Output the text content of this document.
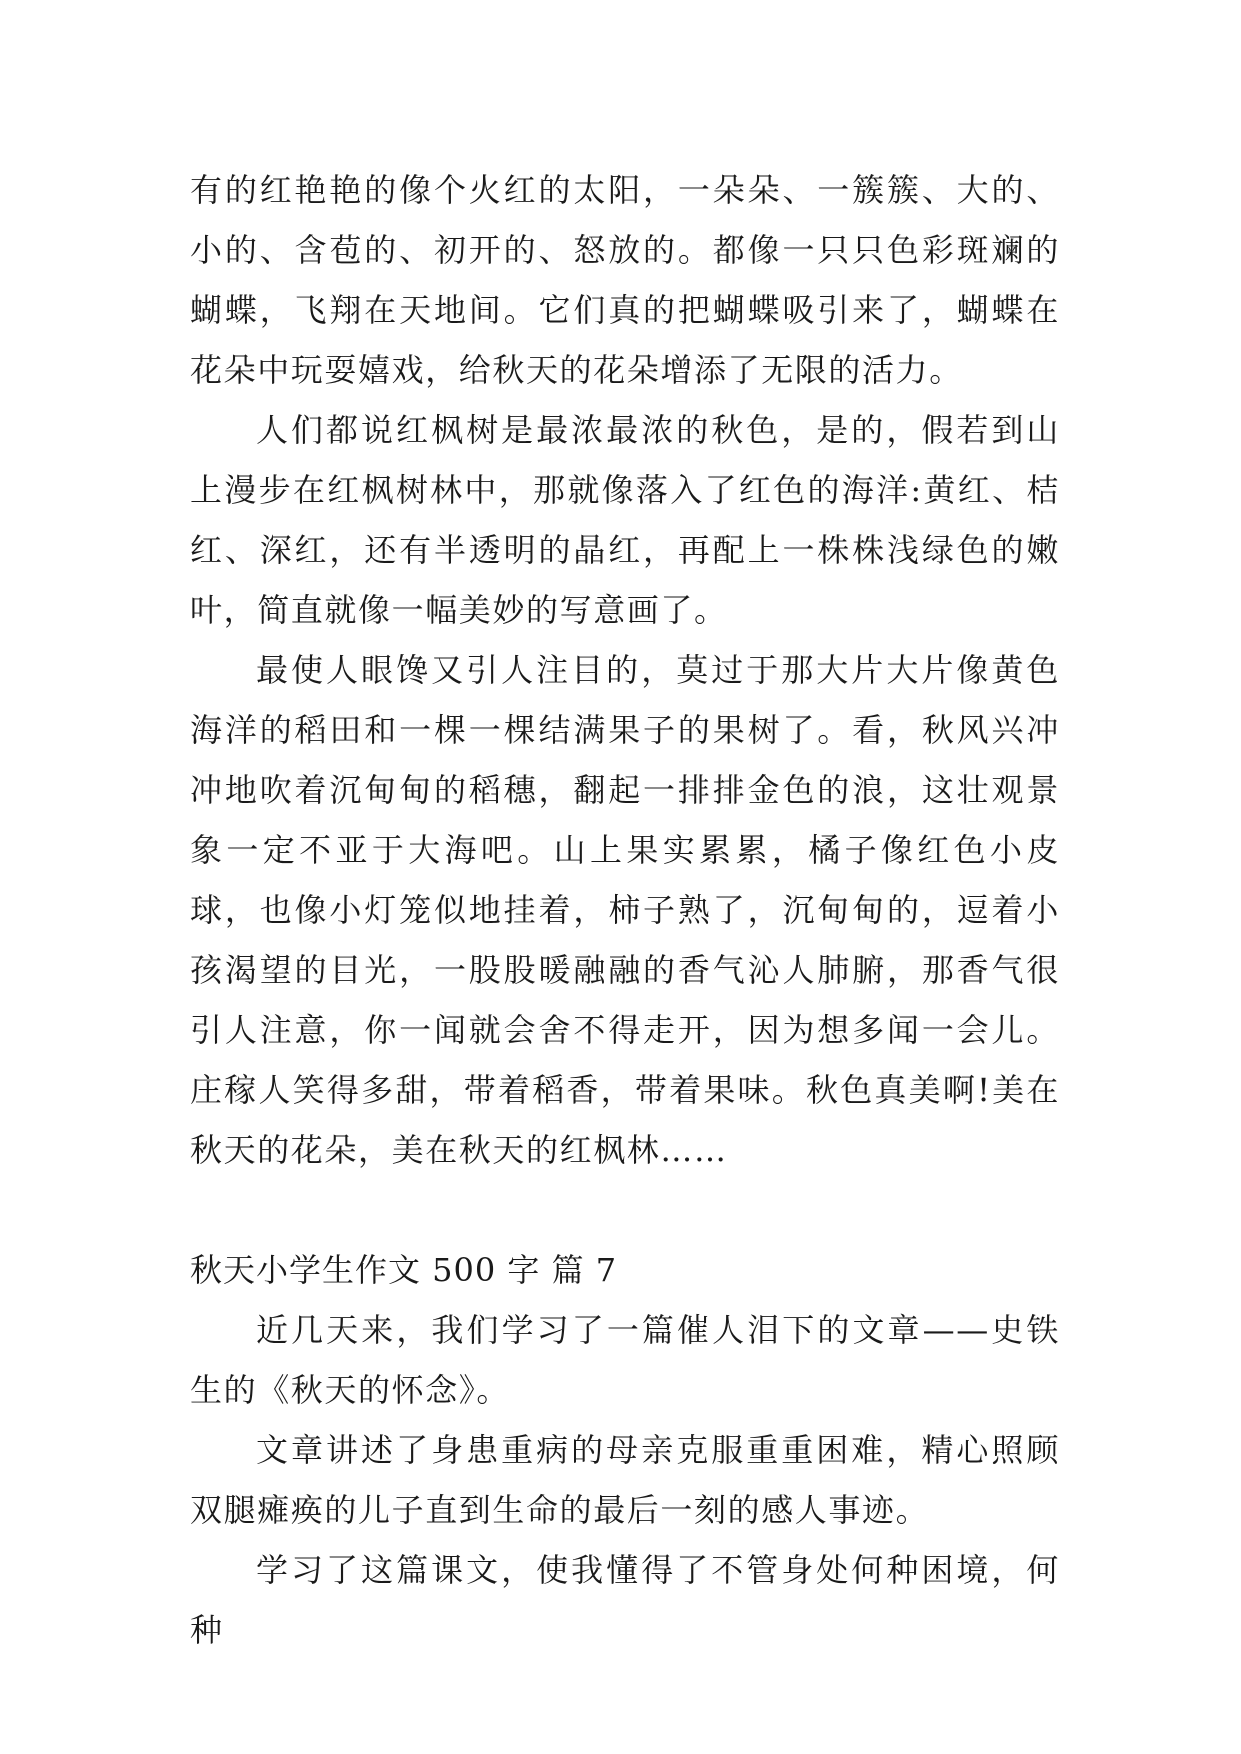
有的红艳艳的像个火红的太阳，一朵朵、一簇簇、大的、小的、含苞的、初开的、怒放的。都像一只只色彩斑斓的蝴蝶，飞翔在天地间。它们真的把蝴蝶吸引来了，蝴蝶在花朵中玩耍嬉戏，给秋天的花朵增添了无限的活力。

人们都说红枫树是最浓最浓的秋色，是的，假若到山上漫步在红枫树林中，那就像落入了红色的海洋:黄红、桔红、深红，还有半透明的晶红，再配上一株株浅绿色的嫩叶，简直就像一幅美妙的写意画了。

最使人眼馋又引人注目的，莫过于那大片大片像黄色海洋的稻田和一棵一棵结满果子的果树了。看，秋风兴冲冲地吹着沉甸甸的稻穗，翻起一排排金色的浪，这壮观景象一定不亚于大海吧。山上果实累累，橘子像红色小皮球，也像小灯笼似地挂着，柿子熟了，沉甸甸的，逗着小孩渴望的目光，一股股暖融融的香气沁人肺腑，那香气很引人注意，你一闻就会舍不得走开，因为想多闻一会儿。庄稼人笑得多甜，带着稻香，带着果味。秋色真美啊!美在秋天的花朵，美在秋天的红枫林……

秋天小学生作文 500 字 篇 7

近几天来，我们学习了一篇催人泪下的文章——史铁生的《秋天的怀念》。

文章讲述了身患重病的母亲克服重重困难，精心照顾双腿瘫痪的儿子直到生命的最后一刻的感人事迹。

学习了这篇课文，使我懂得了不管身处何种困境，何种
